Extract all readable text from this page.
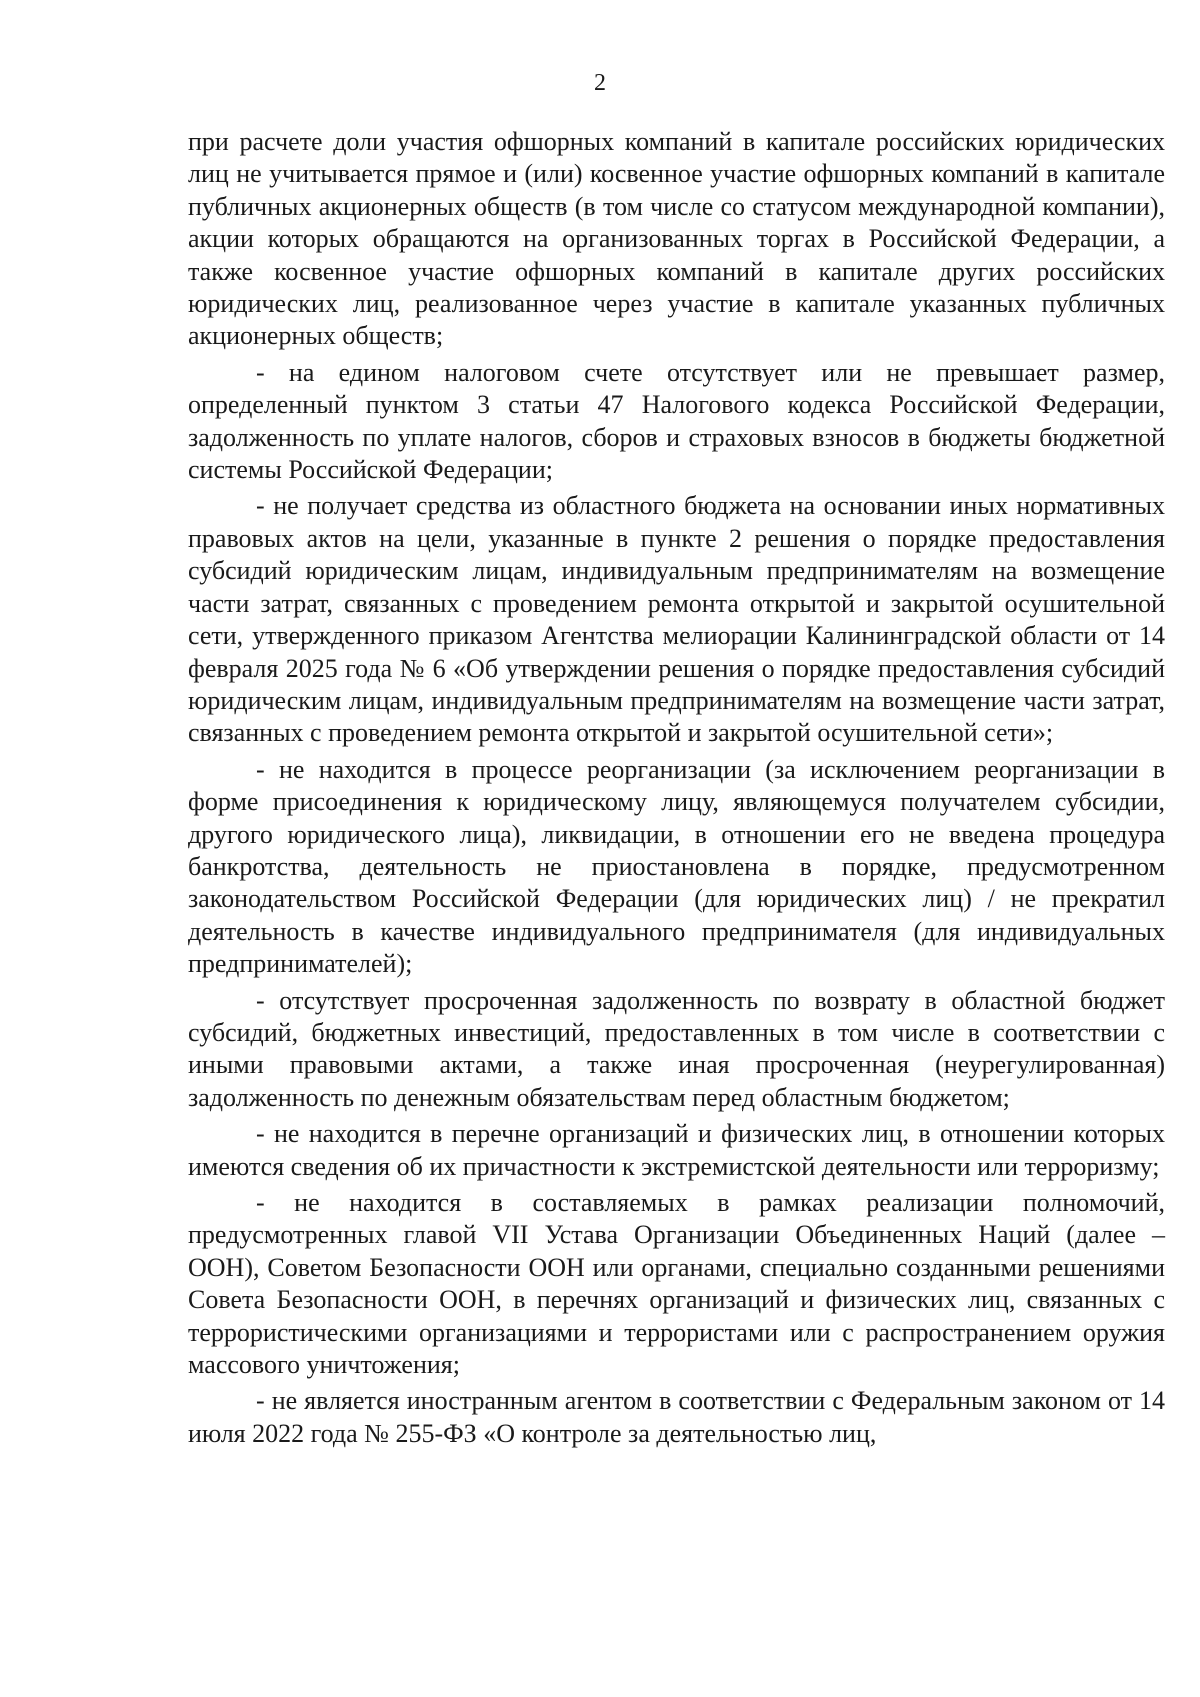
2

при расчете доли участия офшорных компаний в капитале российских юридических лиц не учитывается прямое и (или) косвенное участие офшорных компаний в капитале публичных акционерных обществ (в том числе со статусом международной компании), акции которых обращаются на организованных торгах в Российской Федерации, а также косвенное участие офшорных компаний в капитале других российских юридических лиц, реализованное через участие в капитале указанных публичных акционерных обществ;

- на едином налоговом счете отсутствует или не превышает размер, определенный пунктом 3 статьи 47 Налогового кодекса Российской Федерации, задолженность по уплате налогов, сборов и страховых взносов в бюджеты бюджетной системы Российской Федерации;

- не получает средства из областного бюджета на основании иных нормативных правовых актов на цели, указанные в пункте 2 решения о порядке предоставления субсидий юридическим лицам, индивидуальным предпринимателям на возмещение части затрат, связанных с проведением ремонта открытой и закрытой осушительной сети, утвержденного приказом Агентства мелиорации Калининградской области от 14 февраля 2025 года № 6 «Об утверждении решения о порядке предоставления субсидий юридическим лицам, индивидуальным предпринимателям на возмещение части затрат, связанных с проведением ремонта открытой и закрытой осушительной сети»;

- не находится в процессе реорганизации (за исключением реорганизации в форме присоединения к юридическому лицу, являющемуся получателем субсидии, другого юридического лица), ликвидации, в отношении его не введена процедура банкротства, деятельность не приостановлена в порядке, предусмотренном законодательством Российской Федерации (для юридических лиц) / не прекратил деятельность в качестве индивидуального предпринимателя (для индивидуальных предпринимателей);

- отсутствует просроченная задолженность по возврату в областной бюджет субсидий, бюджетных инвестиций, предоставленных в том числе в соответствии с иными правовыми актами, а также иная просроченная (неурегулированная) задолженность по денежным обязательствам перед областным бюджетом;

- не находится в перечне организаций и физических лиц, в отношении которых имеются сведения об их причастности к экстремистской деятельности или терроризму;

- не находится в составляемых в рамках реализации полномочий, предусмотренных главой VII Устава Организации Объединенных Наций (далее – ООН), Советом Безопасности ООН или органами, специально созданными решениями Совета Безопасности ООН, в перечнях организаций и физических лиц, связанных с террористическими организациями и террористами или с распространением оружия массового уничтожения;

- не является иностранным агентом в соответствии с Федеральным законом от 14 июля 2022 года № 255-ФЗ «О контроле за деятельностью лиц,
